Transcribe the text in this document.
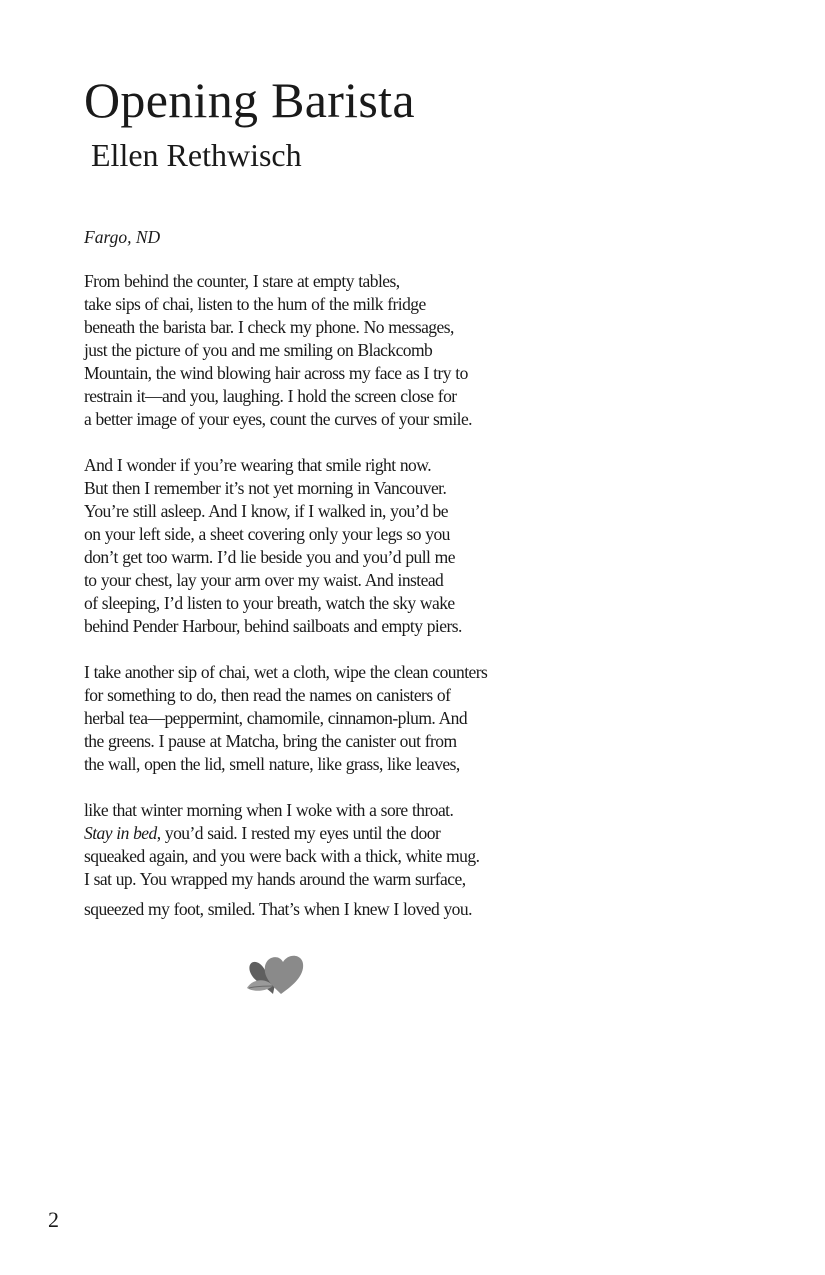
Opening Barista
Ellen Rethwisch
Fargo, ND
From behind the counter, I stare at empty tables,
take sips of chai, listen to the hum of the milk fridge
beneath the barista bar. I check my phone. No messages,
just the picture of you and me smiling on Blackcomb
Mountain, the wind blowing hair across my face as I try to
restrain it—and you, laughing. I hold the screen close for
a better image of your eyes, count the curves of your smile.
And I wonder if you’re wearing that smile right now.
But then I remember it’s not yet morning in Vancouver.
You’re still asleep. And I know, if I walked in, you’d be
on your left side, a sheet covering only your legs so you
don’t get too warm. I’d lie beside you and you’d pull me
to your chest, lay your arm over my waist. And instead
of sleeping, I’d listen to your breath, watch the sky wake
behind Pender Harbour, behind sailboats and empty piers.
I take another sip of chai, wet a cloth, wipe the clean counters
for something to do, then read the names on canisters of
herbal tea—peppermint, chamomile, cinnamon-plum. And
the greens. I pause at Matcha, bring the canister out from
the wall, open the lid, smell nature, like grass, like leaves,
like that winter morning when I woke with a sore throat.
Stay in bed, you’d said. I rested my eyes until the door
squeaked again, and you were back with a thick, white mug.
I sat up. You wrapped my hands around the warm surface,
squeezed my foot, smiled. That’s when I knew I loved you.
2
